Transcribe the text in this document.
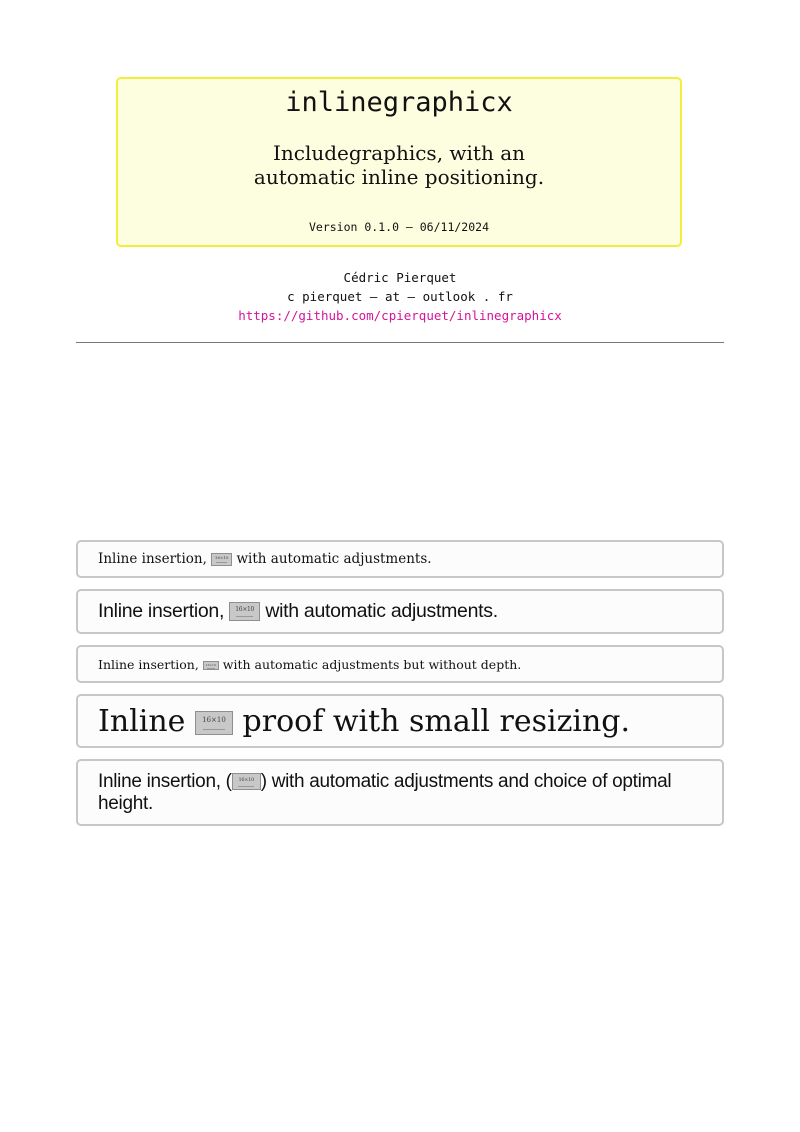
inlinegraphicx
Includegraphics, with an
automatic inline positioning.
Version 0.1.0 – 06/11/2024
Cédric Pierquet
c pierquet – at – outlook . fr
https://github.com/cpierquet/inlinegraphicx
Inline insertion,	16×10 with automatic adjustments.
Inline insertion,	16×10 with automatic adjustments.
Inline insertion,	16×10 with automatic adjustments but without depth.
Inline	16×10 proof with small resizing.
Inline insertion, (	16×10 ) with automatic adjustments and choice of optimal height.
